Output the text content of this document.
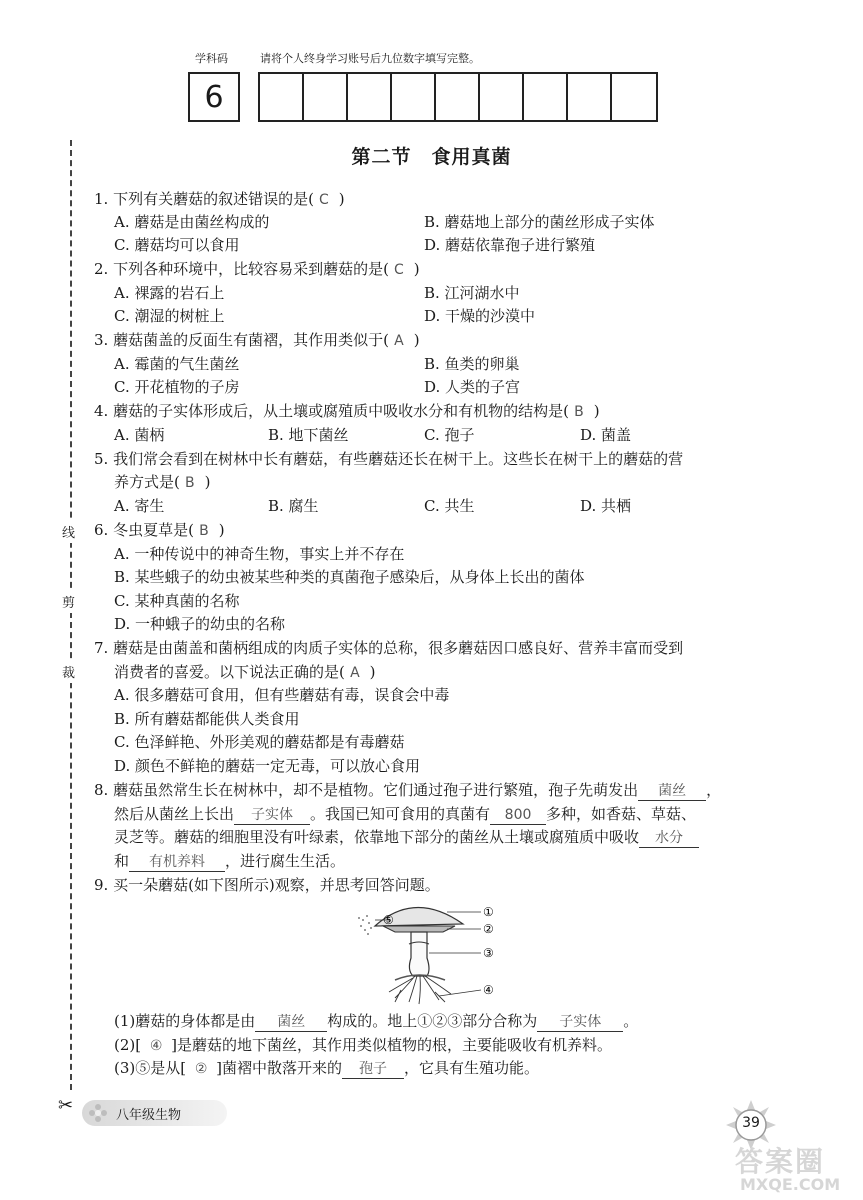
学科码	请将个人终身学习账号后九位数字填写完整。
6
第二节　食用真菌
线
剪
裁
✂
1. 下列有关蘑菇的叙述错误的是( C )
A. 蘑菇是由菌丝构成的	B. 蘑菇地上部分的菌丝形成子实体
C. 蘑菇均可以食用	D. 蘑菇依靠孢子进行繁殖
2. 下列各种环境中，比较容易采到蘑菇的是( C )
A. 裸露的岩石上	B. 江河湖水中
C. 潮湿的树桩上	D. 干燥的沙漠中
3. 蘑菇菌盖的反面生有菌褶，其作用类似于( A )
A. 霉菌的气生菌丝	B. 鱼类的卵巢
C. 开花植物的子房	D. 人类的子宫
4. 蘑菇的子实体形成后，从土壤或腐殖质中吸收水分和有机物的结构是( B )
A. 菌柄	B. 地下菌丝	C. 孢子	D. 菌盖
5. 我们常会看到在树林中长有蘑菇，有些蘑菇还长在树干上。这些长在树干上的蘑菇的营
养方式是( B )
A. 寄生	B. 腐生	C. 共生	D. 共栖
6. 冬虫夏草是( B )
A. 一种传说中的神奇生物，事实上并不存在
B. 某些蛾子的幼虫被某些种类的真菌孢子感染后，从身体上长出的菌体
C. 某种真菌的名称
D. 一种蛾子的幼虫的名称
7. 蘑菇是由菌盖和菌柄组成的肉质子实体的总称，很多蘑菇因口感良好、营养丰富而受到
消费者的喜爱。以下说法正确的是( A )
A. 很多蘑菇可食用，但有些蘑菇有毒，误食会中毒
B. 所有蘑菇都能供人类食用
C. 色泽鲜艳、外形美观的蘑菇都是有毒蘑菇
D. 颜色不鲜艳的蘑菇一定无毒，可以放心食用
8. 蘑菇虽然常生长在树林中，却不是植物。它们通过孢子进行繁殖，孢子先萌发出 菌丝 ，
然后从菌丝上长出 子实体 。我国已知可食用的真菌有 800 多种，如香菇、草菇、
灵芝等。蘑菇的细胞里没有叶绿素，依靠地下部分的菌丝从土壤或腐殖质中吸收 水分
和 有机养料 ，进行腐生生活。
9. 买一朵蘑菇(如下图所示)观察，并思考回答问题。
①
②
③
④
⑤
(1)蘑菇的身体都是由 菌丝 构成的。地上①②③部分合称为 子实体 。
(2)[ ④ ]是蘑菇的地下菌丝，其作用类似植物的根，主要能吸收有机养料。
(3)⑤是从[ ② ]菌褶中散落开来的 孢子 ，它具有生殖功能。
八年级生物	39
答案圈
MXQE.COM
